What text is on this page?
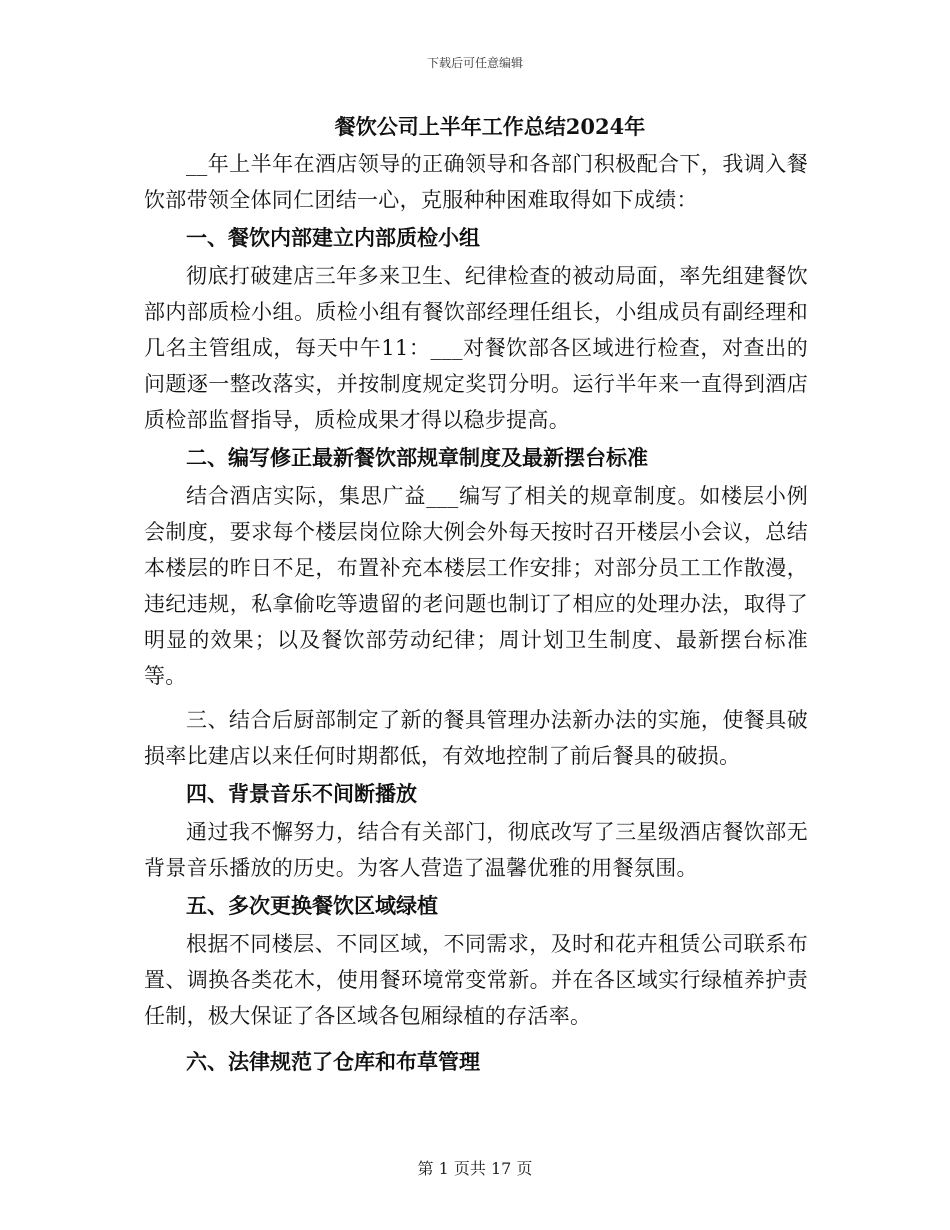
下载后可任意编辑
餐饮公司上半年工作总结2024年

__年上半年在酒店领导的正确领导和各部门积极配合下，我调入餐饮部带领全体同仁团结一心，克服种种困难取得如下成绩：

一、餐饮内部建立内部质检小组

彻底打破建店三年多来卫生、纪律检查的被动局面，率先组建餐饮部内部质检小组。质检小组有餐饮部经理任组长，小组成员有副经理和几名主管组成，每天中午11：___对餐饮部各区域进行检查，对查出的问题逐一整改落实，并按制度规定奖罚分明。运行半年来一直得到酒店质检部监督指导，质检成果才得以稳步提高。

二、编写修正最新餐饮部规章制度及最新摆台标准

结合酒店实际，集思广益___编写了相关的规章制度。如楼层小例会制度，要求每个楼层岗位除大例会外每天按时召开楼层小会议，总结本楼层的昨日不足，布置补充本楼层工作安排；对部分员工工作散漫，违纪违规，私拿偷吃等遗留的老问题也制订了相应的处理办法，取得了明显的效果；以及餐饮部劳动纪律；周计划卫生制度、最新摆台标准等。

三、结合后厨部制定了新的餐具管理办法新办法的实施，使餐具破损率比建店以来任何时期都低，有效地控制了前后餐具的破损。

四、背景音乐不间断播放

通过我不懈努力，结合有关部门，彻底改写了三星级酒店餐饮部无背景音乐播放的历史。为客人营造了温馨优雅的用餐氛围。

五、多次更换餐饮区域绿植

根据不同楼层、不同区域，不同需求，及时和花卉租赁公司联系布置、调换各类花木，使用餐环境常变常新。并在各区域实行绿植养护责任制，极大保证了各区域各包厢绿植的存活率。

六、法律规范了仓库和布草管理
第 1 页共 17 页
